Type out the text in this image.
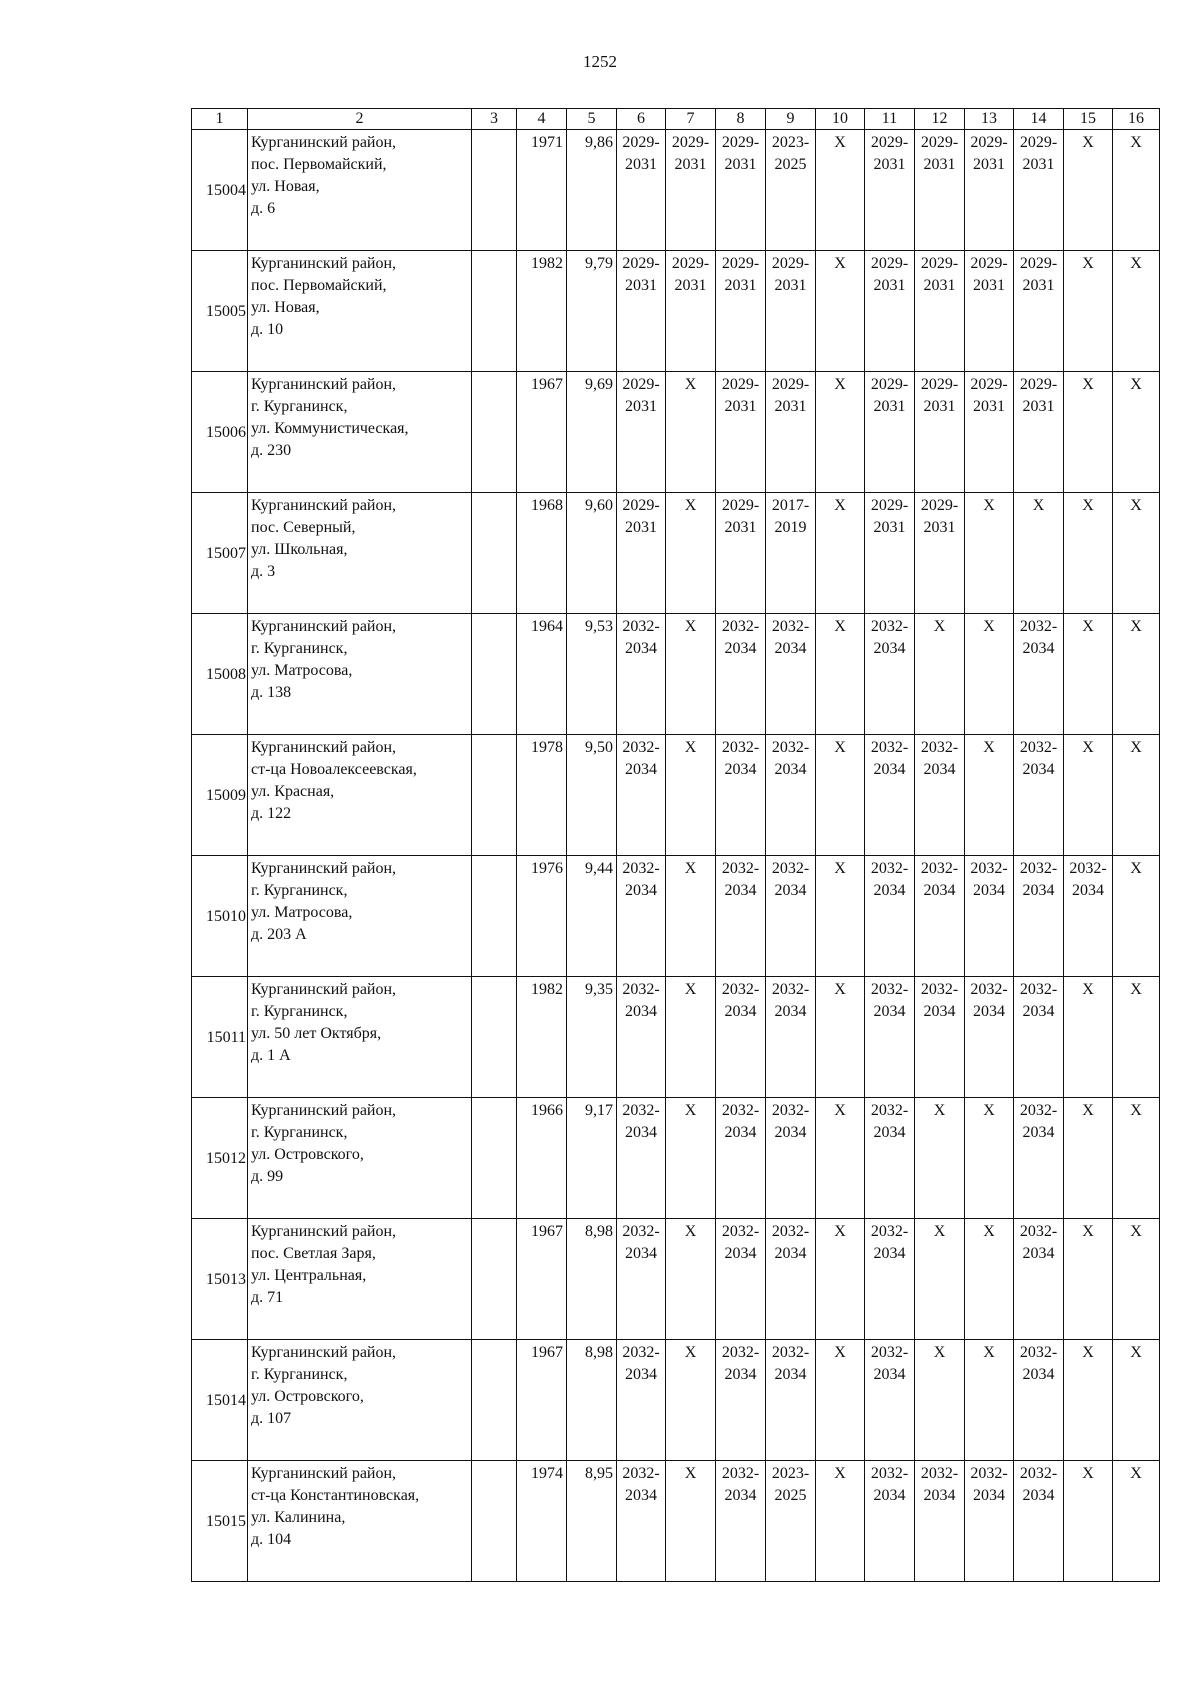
1252
1	2	3	4	5	6	7	8	9	10	11	12	13	14	15	16
15004	Курганинский район,
пос. Первомайский,
ул. Новая,
д. 6		1971	9,86	2029-
2031	2029-
2031	2029-
2031	2023-
2025	Х	2029-
2031	2029-
2031	2029-
2031	2029-
2031	Х	Х

15005	Курганинский район,
пос. Первомайский,
ул. Новая,
д. 10		1982	9,79	2029-
2031	2029-
2031	2029-
2031	2029-
2031	Х	2029-
2031	2029-
2031	2029-
2031	2029-
2031	Х	Х

15006	Курганинский район,
г. Курганинск,
ул. Коммунистическая,
д. 230		1967	9,69	2029-
2031	Х	2029-
2031	2029-
2031	Х	2029-
2031	2029-
2031	2029-
2031	2029-
2031	Х	Х

15007	Курганинский район,
пос. Северный,
ул. Школьная,
д. 3		1968	9,60	2029-
2031	Х	2029-
2031	2017-
2019	Х	2029-
2031	2029-
2031	Х	Х	Х	Х

15008	Курганинский район,
г. Курганинск,
ул. Матросова,
д. 138		1964	9,53	2032-
2034	Х	2032-
2034	2032-
2034	Х	2032-
2034	Х	Х	2032-
2034	Х	Х

15009	Курганинский район,
ст-ца Новоалексеевская,
ул. Красная,
д. 122		1978	9,50	2032-
2034	Х	2032-
2034	2032-
2034	Х	2032-
2034	2032-
2034	Х	2032-
2034	Х	Х

15010	Курганинский район,
г. Курганинск,
ул. Матросова,
д. 203 А		1976	9,44	2032-
2034	Х	2032-
2034	2032-
2034	Х	2032-
2034	2032-
2034	2032-
2034	2032-
2034	2032-
2034	Х

15011	Курганинский район,
г. Курганинск,
ул. 50 лет Октября,
д. 1 А		1982	9,35	2032-
2034	Х	2032-
2034	2032-
2034	Х	2032-
2034	2032-
2034	2032-
2034	2032-
2034	Х	Х

15012	Курганинский район,
г. Курганинск,
ул. Островского,
д. 99		1966	9,17	2032-
2034	Х	2032-
2034	2032-
2034	Х	2032-
2034	Х	Х	2032-
2034	Х	Х

15013	Курганинский район,
пос. Светлая Заря,
ул. Центральная,
д. 71		1967	8,98	2032-
2034	Х	2032-
2034	2032-
2034	Х	2032-
2034	Х	Х	2032-
2034	Х	Х

15014	Курганинский район,
г. Курганинск,
ул. Островского,
д. 107		1967	8,98	2032-
2034	Х	2032-
2034	2032-
2034	Х	2032-
2034	Х	Х	2032-
2034	Х	Х

15015	Курганинский район,
ст-ца Константиновская,
ул. Калинина,
д. 104		1974	8,95	2032-
2034	Х	2032-
2034	2023-
2025	Х	2032-
2034	2032-
2034	2032-
2034	2032-
2034	Х	Х
